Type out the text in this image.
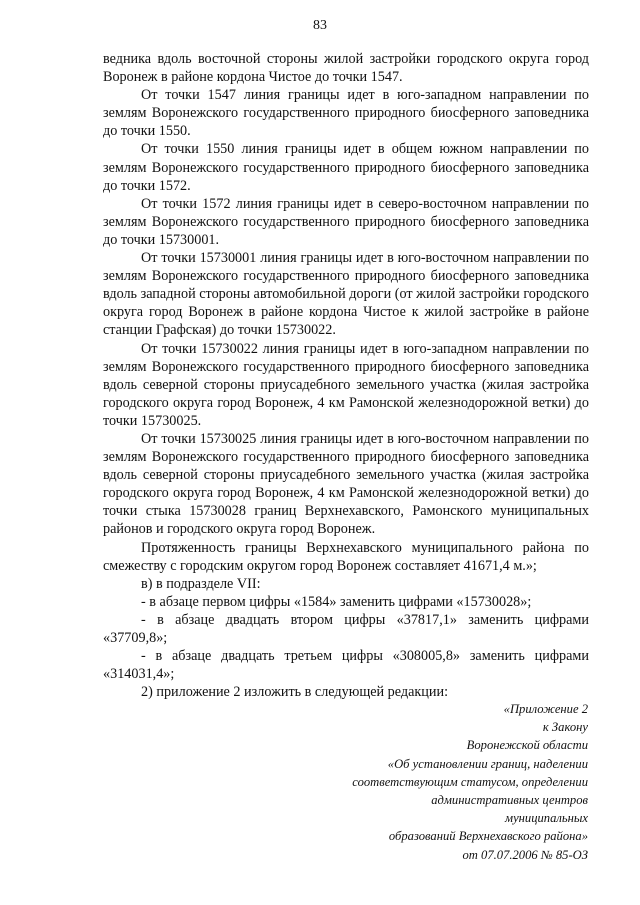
83

ведника вдоль восточной стороны жилой застройки городского округа город Воронеж в районе кордона Чистое до точки 1547.

От точки 1547 линия границы идет в юго-западном направлении по землям Воронежского государственного природного биосферного заповедника до точки 1550.

От точки 1550 линия границы идет в общем южном направлении по землям Воронежского государственного природного биосферного заповедника до точки 1572.

От точки 1572 линия границы идет в северо-восточном направлении по землям Воронежского государственного природного биосферного заповедника до точки 15730001.

От точки 15730001 линия границы идет в юго-восточном направлении по землям Воронежского государственного природного биосферного заповедника вдоль западной стороны автомобильной дороги (от жилой застройки городского округа город Воронеж в районе кордона Чистое к жилой застройке в районе станции Графская) до точки 15730022.

От точки 15730022 линия границы идет в юго-западном направлении по землям Воронежского государственного природного биосферного заповедника вдоль северной стороны приусадебного земельного участка (жилая застройка городского округа город Воронеж, 4 км Рамонской железнодорожной ветки) до точки 15730025.

От точки 15730025 линия границы идет в юго-восточном направлении по землям Воронежского государственного природного биосферного заповедника вдоль северной стороны приусадебного земельного участка (жилая застройка городского округа город Воронеж, 4 км Рамонской железнодорожной ветки) до точки стыка 15730028 границ Верхнехавского, Рамонского муниципальных районов и городского округа город Воронеж.

Протяженность границы Верхнехавского муниципального района по смежеству с городским округом город Воронеж составляет 41671,4 м.»;

в) в подразделе VII:

- в абзаце первом цифры «1584» заменить цифрами «15730028»;

- в абзаце двадцать втором цифры «37817,1» заменить цифрами «37709,8»;

- в абзаце двадцать третьем цифры «308005,8» заменить цифрами «314031,4»;

2) приложение 2 изложить в следующей редакции:

«Приложение 2
к Закону
Воронежской области
«Об установлении границ, наделении
соответствующим статусом, определении
административных центров
муниципальных
образований Верхнехавского района»
от 07.07.2006 № 85-ОЗ
